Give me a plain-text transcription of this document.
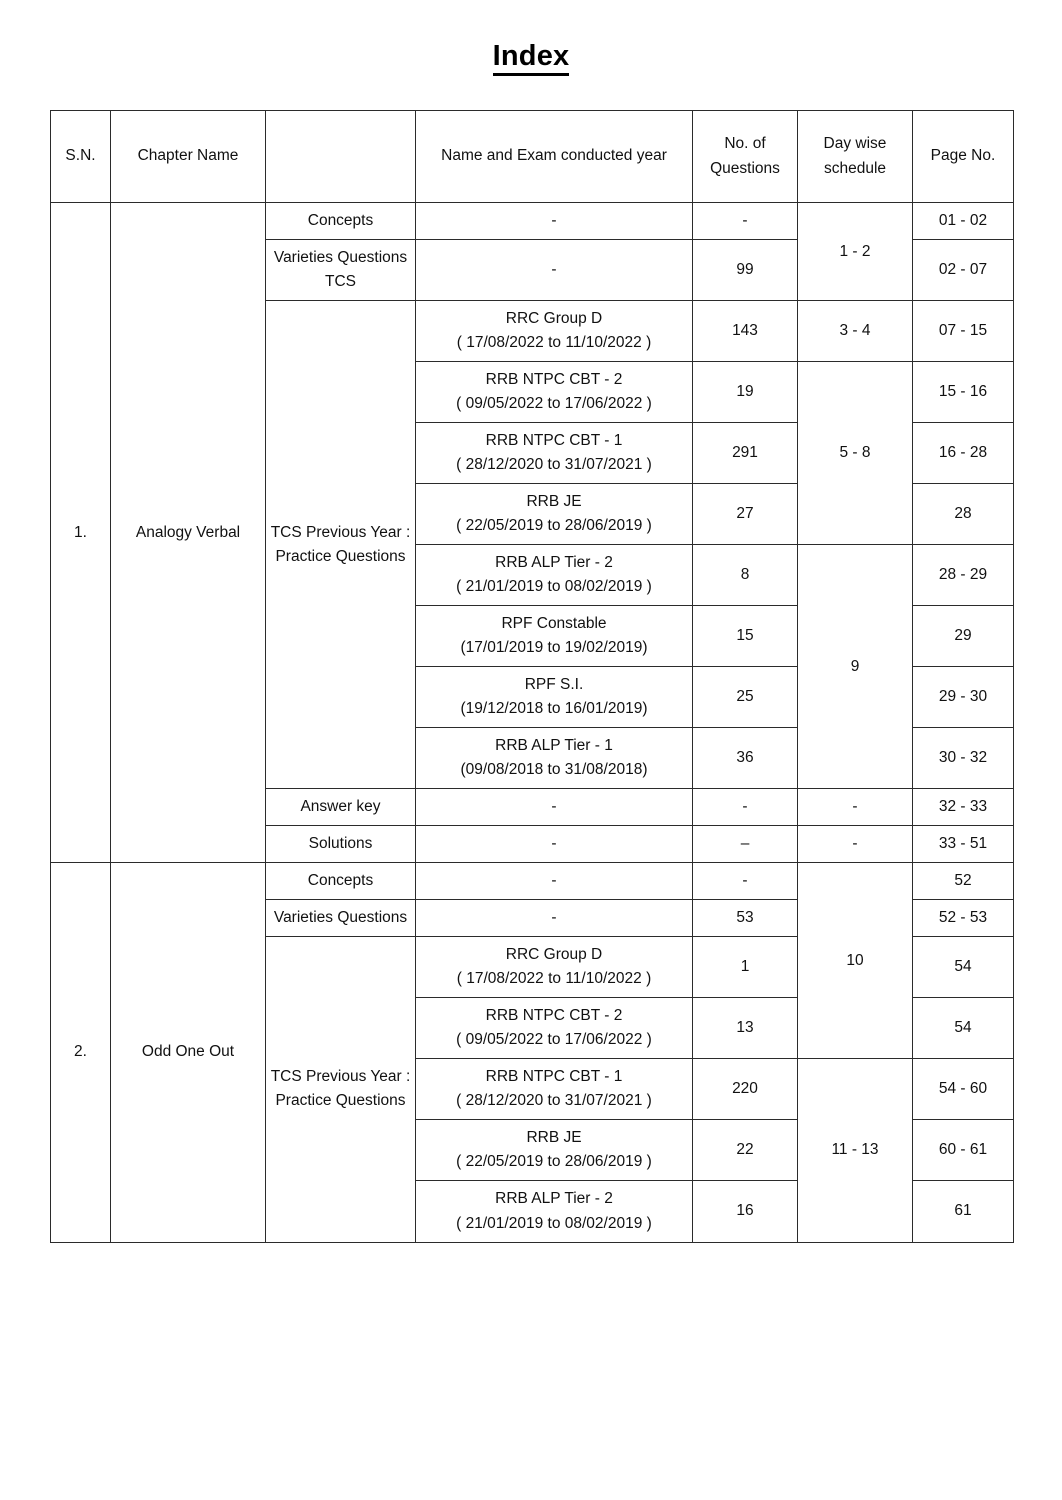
Index
S.N.	Chapter Name		Name and Exam conducted year	No. of Questions	Day wise schedule	Page No.
1.	Analogy Verbal	Concepts	-	-	1 - 2	01 - 02
		Varieties Questions TCS	-	99		02 - 07
		TCS Previous Year : Practice Questions	RRC Group D
( 17/08/2022 to 11/10/2022 )	143	3 - 4	07 - 15

			RRB NTPC CBT - 2
( 09/05/2022 to 17/06/2022 )	19	5 - 8	15 - 16

			RRB NTPC CBT - 1
( 28/12/2020 to 31/07/2021 )	291		16 - 28

			RRB JE
( 22/05/2019 to 28/06/2019 )	27		28

			RRB ALP Tier - 2
( 21/01/2019 to 08/02/2019 )	8	9	28 - 29

			RPF Constable
(17/01/2019 to 19/02/2019)	15		29

			RPF S.I.
(19/12/2018 to 16/01/2019)	25		29 - 30

			RRB ALP Tier - 1
(09/08/2018 to 31/08/2018)	36		30 - 32
		Answer key	-	-	-	32 - 33
		Solutions	-	–	-	33 - 51
2.	Odd One Out	Concepts	-	-	10	52
		Varieties Questions	-	53		52 - 53
		TCS Previous Year : Practice Questions	RRC Group D
( 17/08/2022 to 11/10/2022 )	1		54

			RRB NTPC CBT - 2
( 09/05/2022 to 17/06/2022 )	13		54

			RRB NTPC CBT - 1
( 28/12/2020 to 31/07/2021 )	220	11 - 13	54 - 60

			RRB JE
( 22/05/2019 to 28/06/2019 )	22		60 - 61

			RRB ALP Tier - 2
( 21/01/2019 to 08/02/2019 )	16		61
